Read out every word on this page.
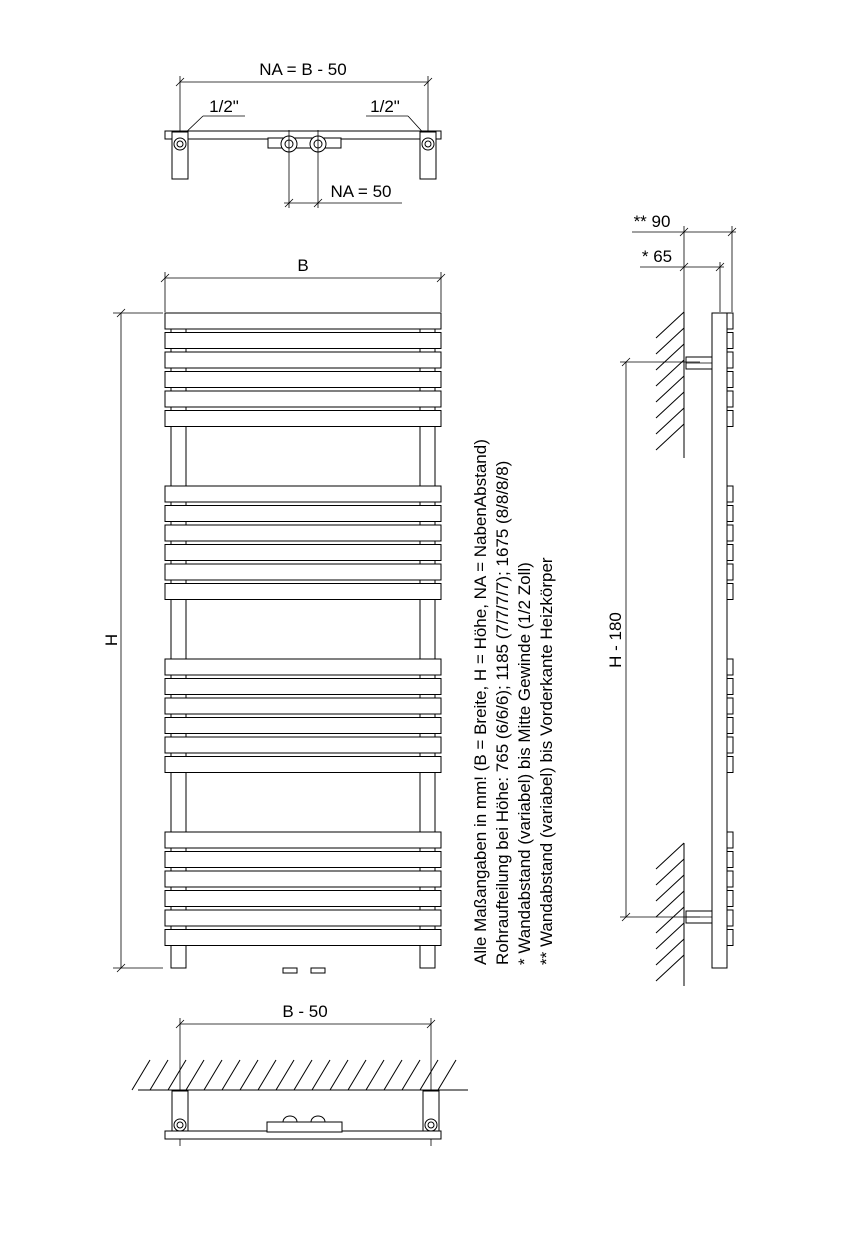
NA = B - 50
1/2"	1/2"
NA = 50
B
H	Alle Maßangaben in mm! (B = Breite, H = Höhe, NA = NabenAbstand) Rohraufteilung bei Höhe: 765 (6/6/6); 1185 (7/7/7/7); 1675 (8/8/8/8) * Wandabstand (variabel) bis Mitte Gewinde (1/2 Zoll) ** Wandabstand (variabel) bis Vorderkante Heizkörper
** 90
* 65
H - 180
B - 50
